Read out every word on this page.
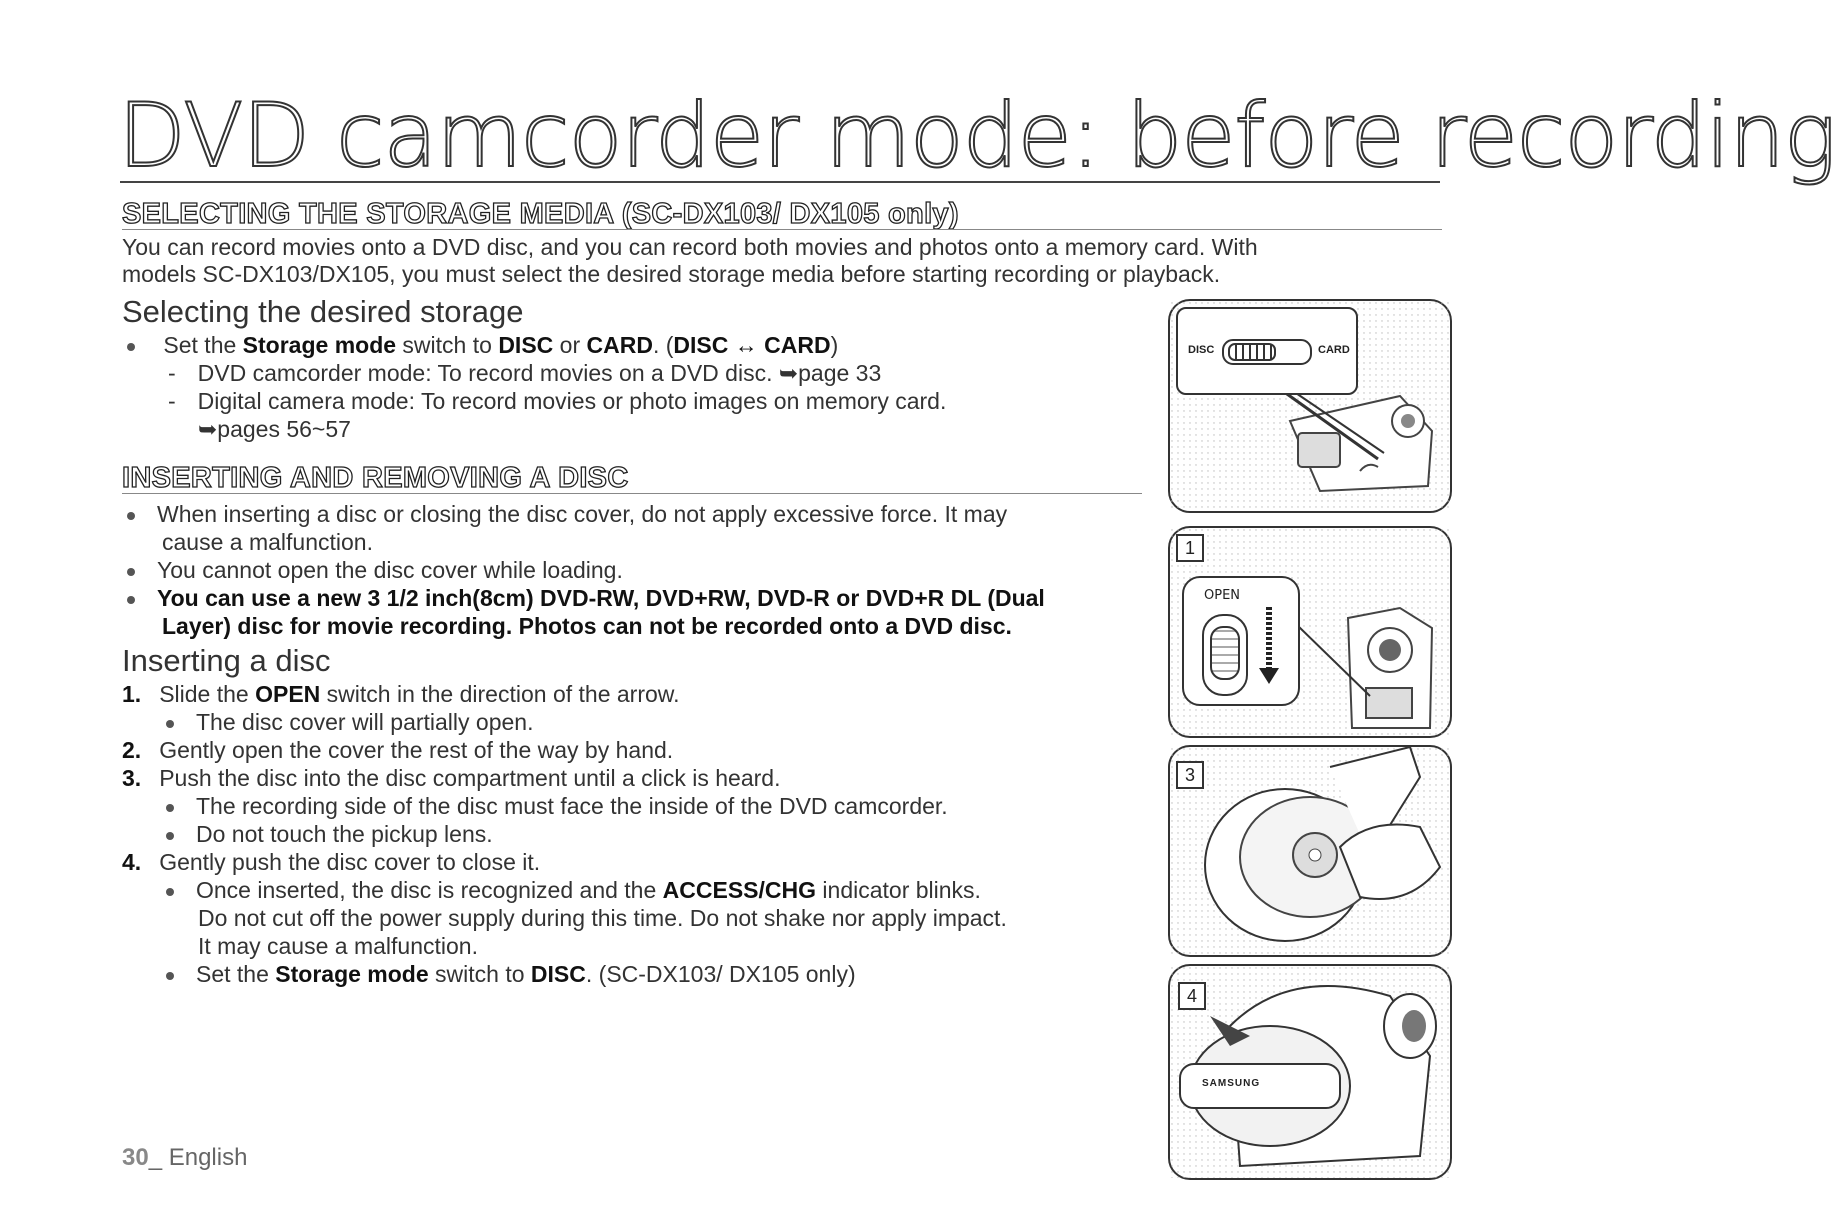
DVD camcorder mode: before recording
SELECTING THE STORAGE MEDIA (SC-DX103/ DX105 only)
You can record movies onto a DVD disc, and you can record both movies and photos onto a memory card. With
models SC-DX103/DX105, you must select the desired storage media before starting recording or playback.
Selecting the desired storage
Set the Storage mode switch to DISC or CARD. (DISC ↔ CARD)
- DVD camcorder mode: To record movies on a DVD disc. ➥page 33
- Digital camera mode: To record movies or photo images on memory card.
➥pages 56~57
INSERTING AND REMOVING A DISC
When inserting a disc or closing the disc cover, do not apply excessive force. It may
cause a malfunction.
You cannot open the disc cover while loading.
You can use a new 3 1/2 inch(8cm) DVD-RW, DVD+RW, DVD-R or DVD+R DL (Dual
Layer) disc for movie recording. Photos can not be recorded onto a DVD disc.
Inserting a disc
1. Slide the OPEN switch in the direction of the arrow.
The disc cover will partially open.
2. Gently open the cover the rest of the way by hand.
3. Push the disc into the disc compartment until a click is heard.
The recording side of the disc must face the inside of the DVD camcorder.
Do not touch the pickup lens.
4. Gently push the disc cover to close it.
Once inserted, the disc is recognized and the ACCESS/CHG indicator blinks.
Do not cut off the power supply during this time. Do not shake nor apply impact.
It may cause a malfunction.
Set the Storage mode switch to DISC. (SC-DX103/ DX105 only)
DISC	CARD
1
OPEN
3
4
SAMSUNG
30_ English
